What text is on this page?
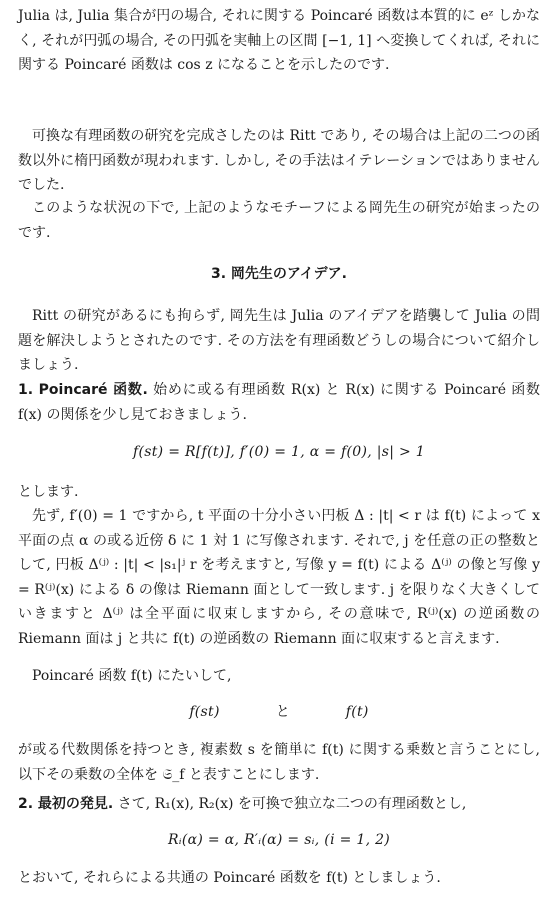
Julia は, Julia 集合が円の場合, それに関する Poincaré 函数は本質的に eᶻ しかなく, それが円弧の場合, その円弧を実軸上の区間 [−1, 1] へ変換してくれば, それに関する Poincaré 函数は cos z になることを示したのです.

可換な有理函数の研究を完成さしたのは Ritt であり, その場合は上記の二つの函数以外に楕円函数が現われます. しかし, その手法はイテレーションではありませんでした.

このような状況の下で, 上記のようなモチーフによる岡先生の研究が始まったのです.

3. 岡先生のアイデア.

Ritt の研究があるにも拘らず, 岡先生は Julia のアイデアを踏襲して Julia の問題を解決しようとされたのです. その方法を有理函数どうしの場合について紹介しましょう.

1. Poincaré 函数. 始めに或る有理函数 R(x) と R(x) に関する Poincaré 函数 f(x) の関係を少し見ておきましょう.

f(st) = R[f(t)], f′(0) = 1, α = f(0), |s| > 1

とします.

先ず, f′(0) = 1 ですから, t 平面の十分小さい円板 Δ : |t| < r は f(t) によって x 平面の点 α の或る近傍 δ に 1 対 1 に写像されます. それで, j を任意の正の整数として, 円板 Δ⁽ʲ⁾ : |t| < |s₁|ʲ r を考えますと, 写像 y = f(t) による Δ⁽ʲ⁾ の像と写像 y = R⁽ʲ⁾(x) による δ の像は Riemann 面として一致します. j を限りなく大きくしていきますと Δ⁽ʲ⁾ は全平面に収束しますから, その意味で, R⁽ʲ⁾(x) の逆函数の Riemann 面は j と共に f(t) の逆函数の Riemann 面に収束すると言えます.

Poincaré 函数 f(t) にたいして,

f(st)	と	f(t)

が或る代数関係を持つとき, 複素数 s を簡単に f(t) に関する乗数と言うことにし, 以下その乗数の全体を 𝔖_f と表すことにします.

2. 最初の発見. さて, R₁(x), R₂(x) を可換で独立な二つの有理函数とし,

Rᵢ(α) = α, R′ᵢ(α) = sᵢ, (i = 1, 2)

とおいて, それらによる共通の Poincaré 函数を f(t) としましょう.
